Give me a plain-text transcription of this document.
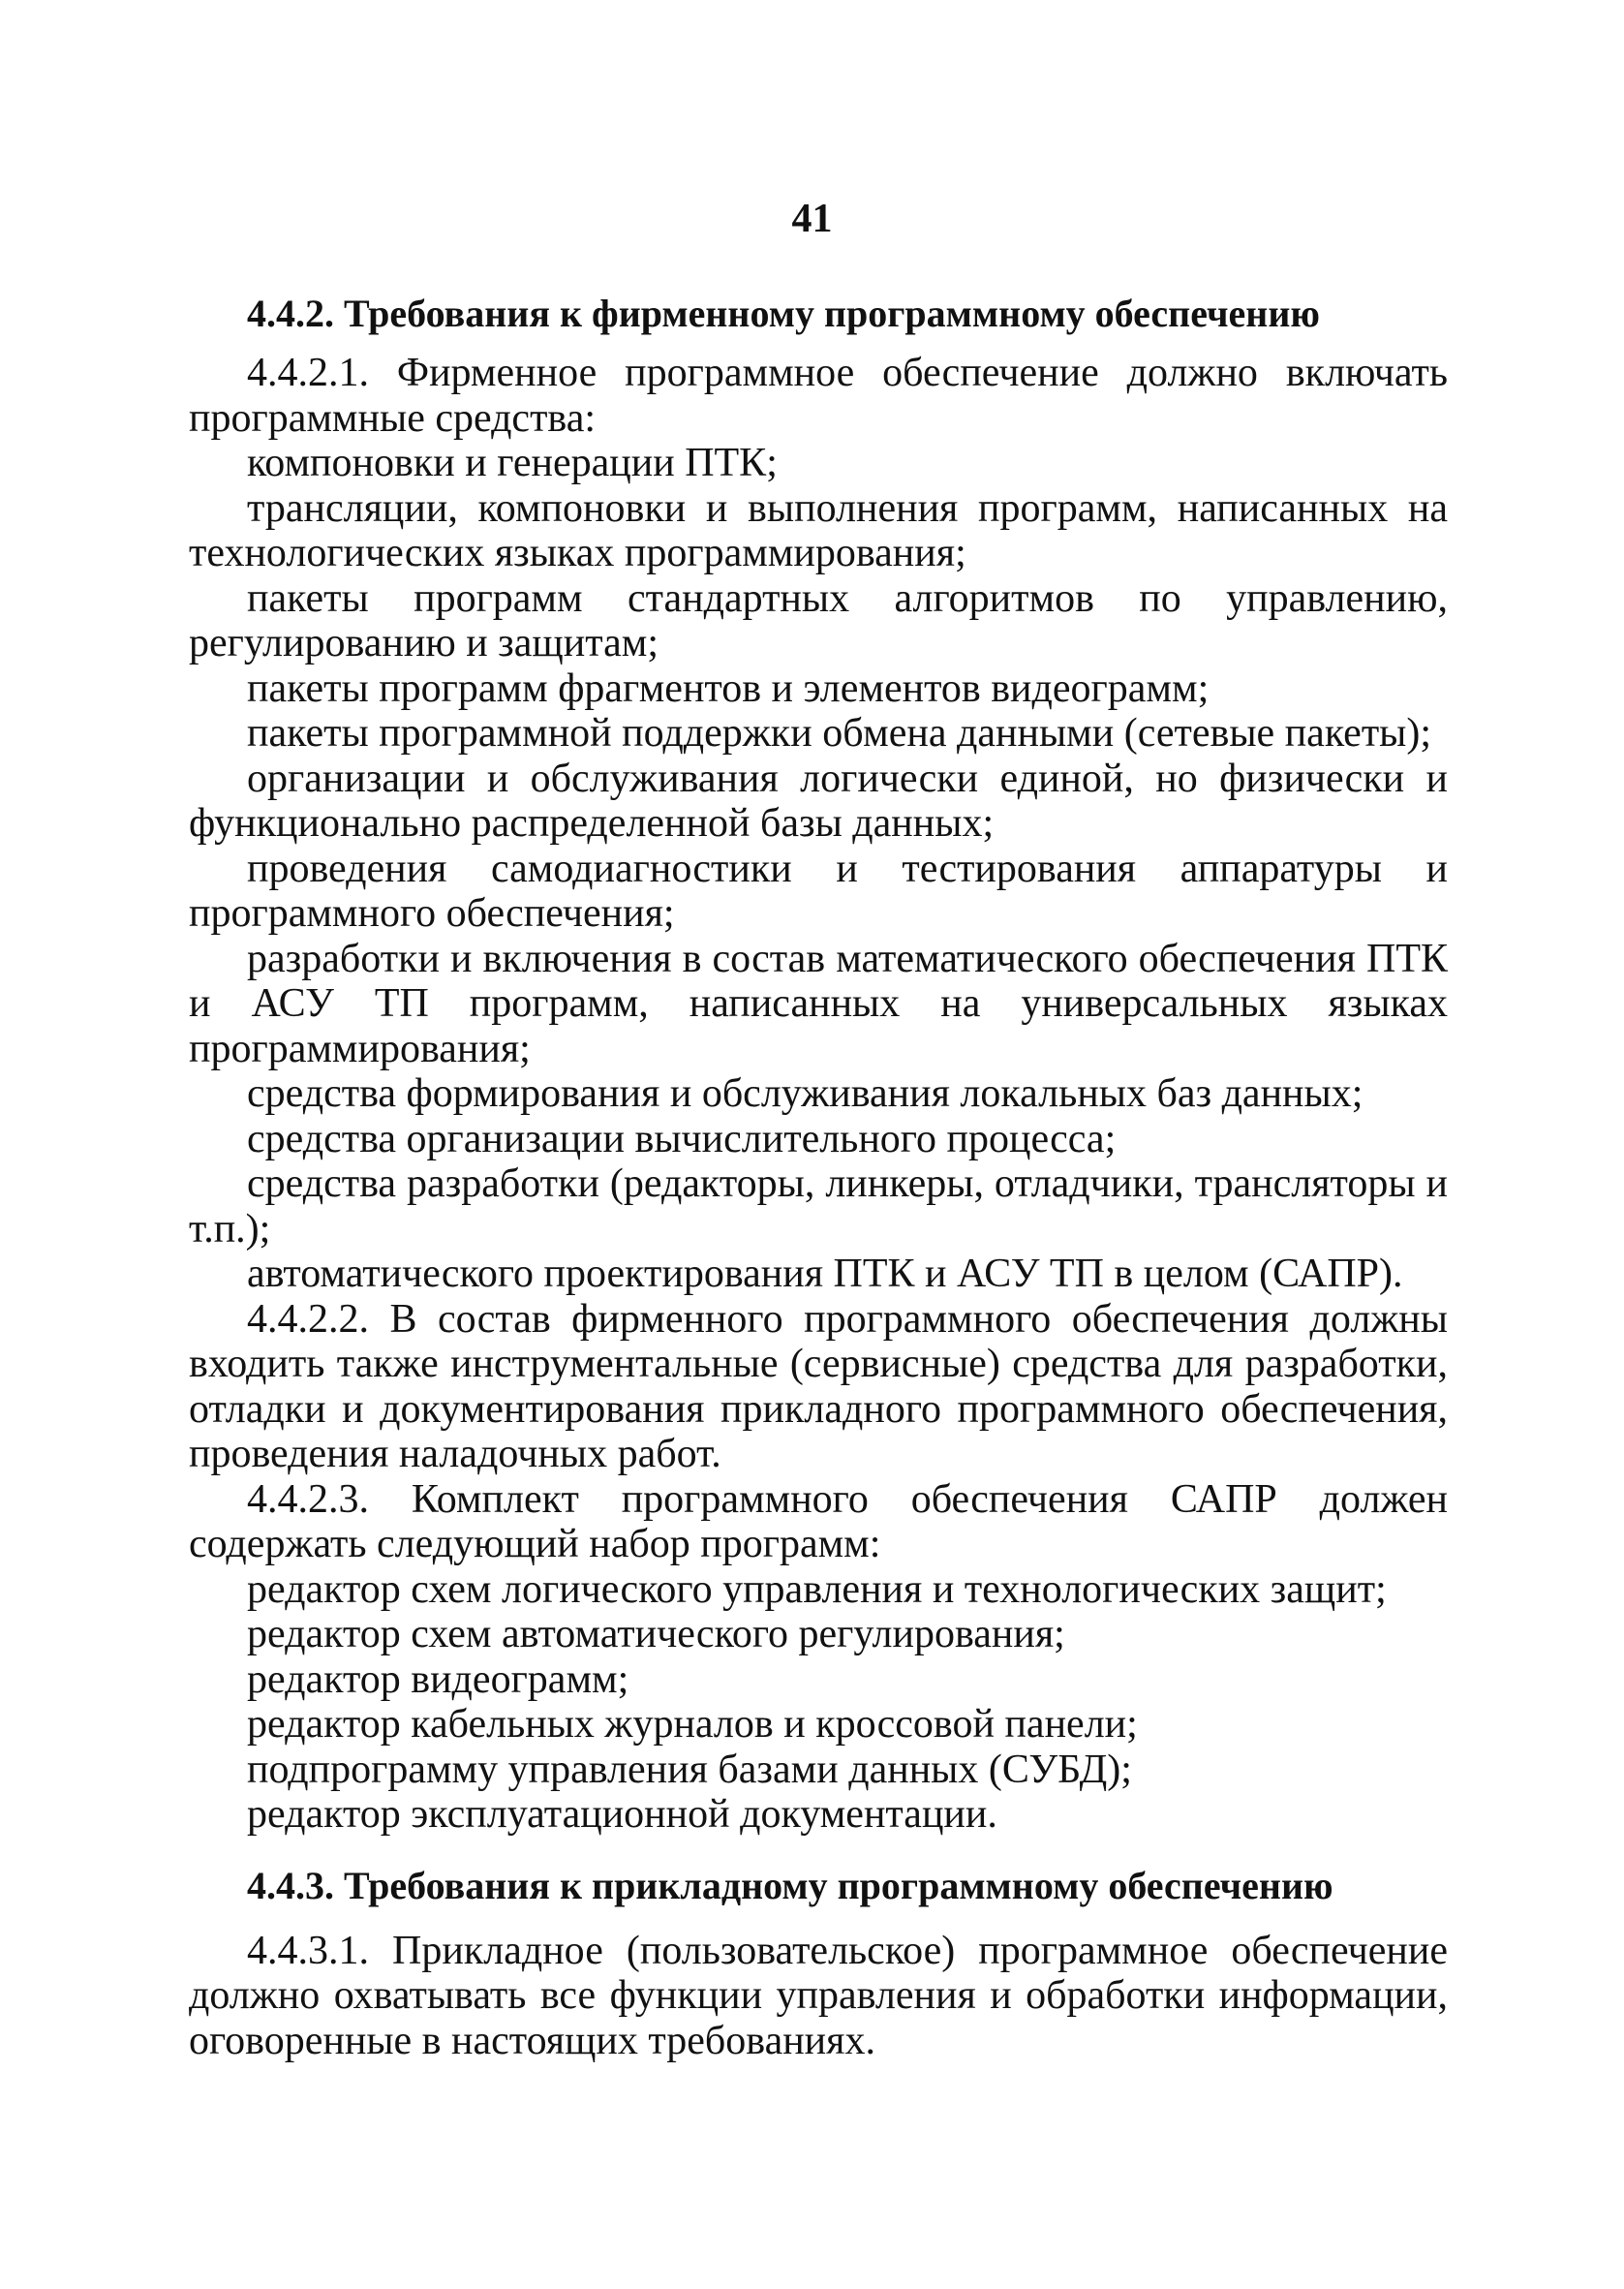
41
4.4.2. Требования к фирменному программному обеспечению

4.4.2.1. Фирменное программное обеспечение должно включать программные средства:

компоновки и генерации ПТК;

трансляции, компоновки и выполнения программ, написанных на технологических языках программирования;

пакеты программ стандартных алгоритмов по управлению, регулированию и защитам;

пакеты программ фрагментов и элементов видеограмм;

пакеты программной поддержки обмена данными (сетевые пакеты);

организации и обслуживания логически единой, но физически и функционально распределенной базы данных;

проведения самодиагностики и тестирования аппаратуры и программного обеспечения;

разработки и включения в состав математического обеспечения ПТК и АСУ ТП программ, написанных на универсальных языках программирования;

средства формирования и обслуживания локальных баз данных;

средства организации вычислительного процесса;

средства разработки (редакторы, линкеры, отладчики, трансляторы и т.п.);

автоматического проектирования ПТК и АСУ ТП в целом (САПР).

4.4.2.2. В состав фирменного программного обеспечения должны входить также инструментальные (сервисные) средства для разработки, отладки и документирования прикладного программного обеспечения, проведения наладочных работ.

4.4.2.3. Комплект программного обеспечения САПР должен содержать следующий набор программ:

редактор схем логического управления и технологических защит;

редактор схем автоматического регулирования;

редактор видеограмм;

редактор кабельных журналов и кроссовой панели;

подпрограмму управления базами данных (СУБД);

редактор эксплуатационной документации.

4.4.3. Требования к прикладному программному обеспечению

4.4.3.1. Прикладное (пользовательское) программное обеспечение должно охватывать все функции управления и обработки информации, оговоренные в настоящих требованиях.
